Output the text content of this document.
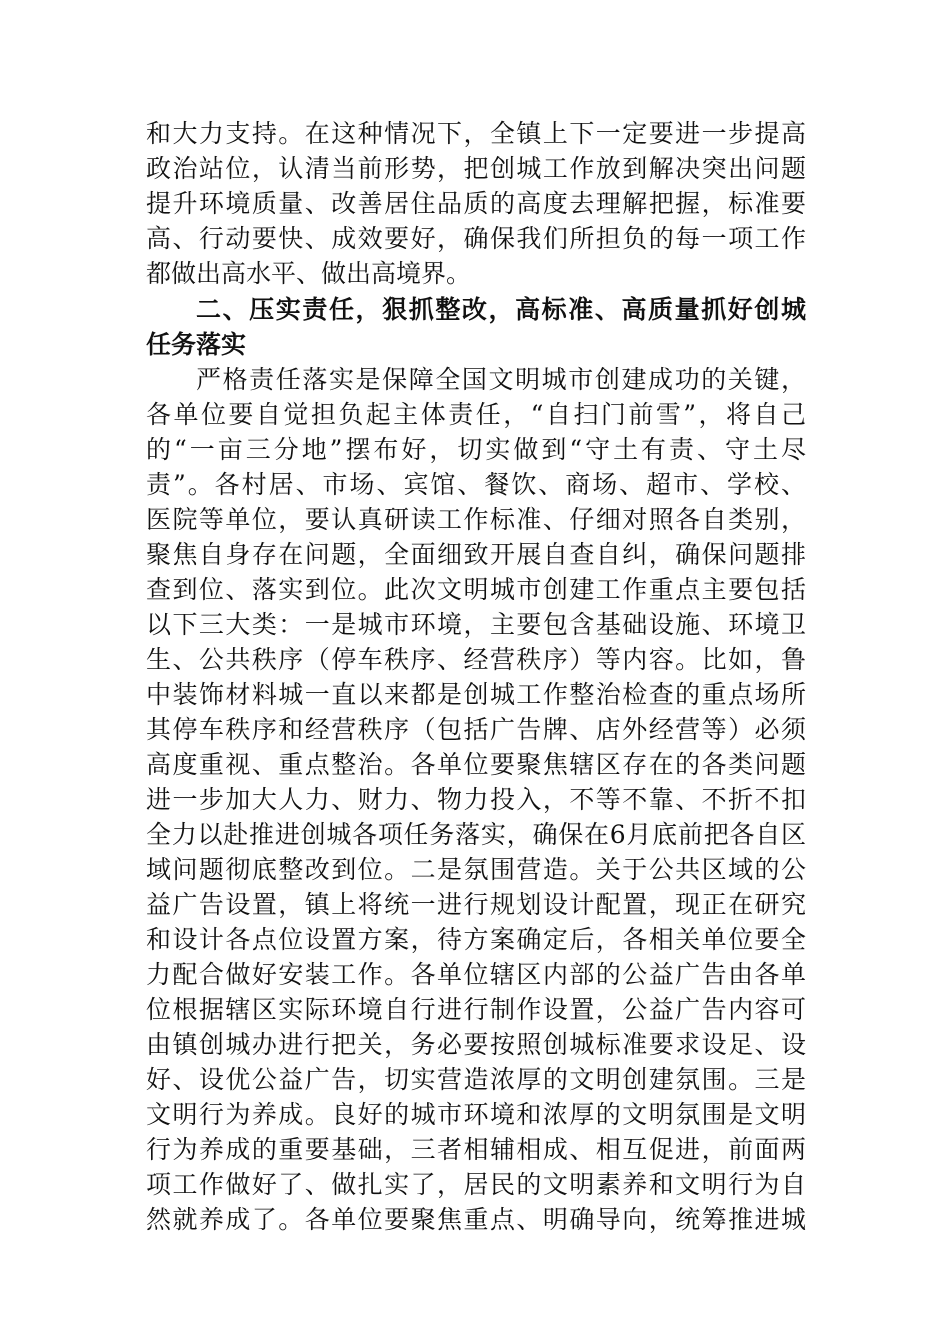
和大力支持。在这种情况下，全镇上下一定要进一步提高
政治站位，认清当前形势，把创城工作放到解决突出问题
提升环境质量、改善居住品质的高度去理解把握，标准要
高、行动要快、成效要好，确保我们所担负的每一项工作
都做出高水平、做出高境界。
二、压实责任，狠抓整改，高标准、高质量抓好创城
任务落实
严格责任落实是保障全国文明城市创建成功的关键，
各单位要自觉担负起主体责任，“自扫门前雪”，将自己
的“一亩三分地”摆布好，切实做到“守土有责、守土尽
责”。各村居、市场、宾馆、餐饮、商场、超市、学校、
医院等单位，要认真研读工作标准、仔细对照各自类别，
聚焦自身存在问题，全面细致开展自查自纠，确保问题排
查到位、落实到位。此次文明城市创建工作重点主要包括
以下三大类：一是城市环境，主要包含基础设施、环境卫
生、公共秩序（停车秩序、经营秩序）等内容。比如，鲁
中装饰材料城一直以来都是创城工作整治检查的重点场所
其停车秩序和经营秩序（包括广告牌、店外经营等）必须
高度重视、重点整治。各单位要聚焦辖区存在的各类问题
进一步加大人力、财力、物力投入，不等不靠、不折不扣
全力以赴推进创城各项任务落实，确保在6月底前把各自区
域问题彻底整改到位。二是氛围营造。关于公共区域的公
益广告设置，镇上将统一进行规划设计配置，现正在研究
和设计各点位设置方案，待方案确定后，各相关单位要全
力配合做好安装工作。各单位辖区内部的公益广告由各单
位根据辖区实际环境自行进行制作设置，公益广告内容可
由镇创城办进行把关，务必要按照创城标准要求设足、设
好、设优公益广告，切实营造浓厚的文明创建氛围。三是
文明行为养成。良好的城市环境和浓厚的文明氛围是文明
行为养成的重要基础，三者相辅相成、相互促进，前面两
项工作做好了、做扎实了，居民的文明素养和文明行为自
然就养成了。各单位要聚焦重点、明确导向，统筹推进城
